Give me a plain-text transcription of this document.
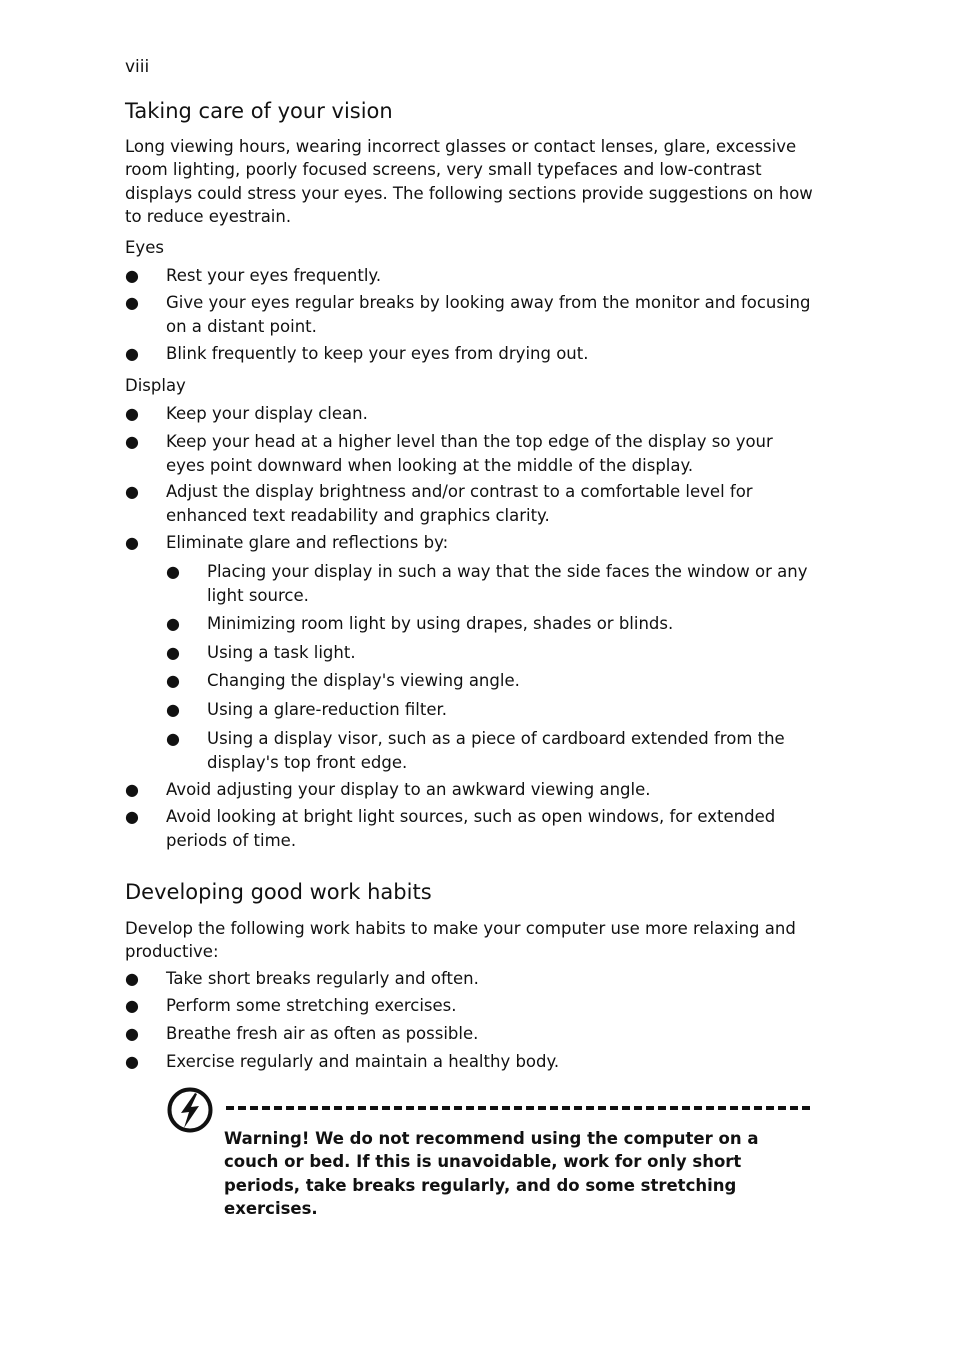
viii
Taking care of your vision

Long viewing hours, wearing incorrect glasses or contact lenses, glare, excessive room lighting, poorly focused screens, very small typefaces and low-contrast displays could stress your eyes. The following sections provide suggestions on how to reduce eyestrain.

Eyes
● Rest your eyes frequently.
● Give your eyes regular breaks by looking away from the monitor and focusing on a distant point.
● Blink frequently to keep your eyes from drying out.
Display
● Keep your display clean.
● Keep your head at a higher level than the top edge of the display so your eyes point downward when looking at the middle of the display.
● Adjust the display brightness and/or contrast to a comfortable level for enhanced text readability and graphics clarity.
● Eliminate glare and reflections by:
● Placing your display in such a way that the side faces the window or any light source.
● Minimizing room light by using drapes, shades or blinds.
● Using a task light.
● Changing the display's viewing angle.
● Using a glare-reduction filter.
● Using a display visor, such as a piece of cardboard extended from the display's top front edge.
● Avoid adjusting your display to an awkward viewing angle.
● Avoid looking at bright light sources, such as open windows, for extended periods of time.
Developing good work habits

Develop the following work habits to make your computer use more relaxing and productive:

● Take short breaks regularly and often.
● Perform some stretching exercises.
● Breathe fresh air as often as possible.
● Exercise regularly and maintain a healthy body.

Warning! We do not recommend using the computer on a couch or bed. If this is unavoidable, work for only short periods, take breaks regularly, and do some stretching exercises.
